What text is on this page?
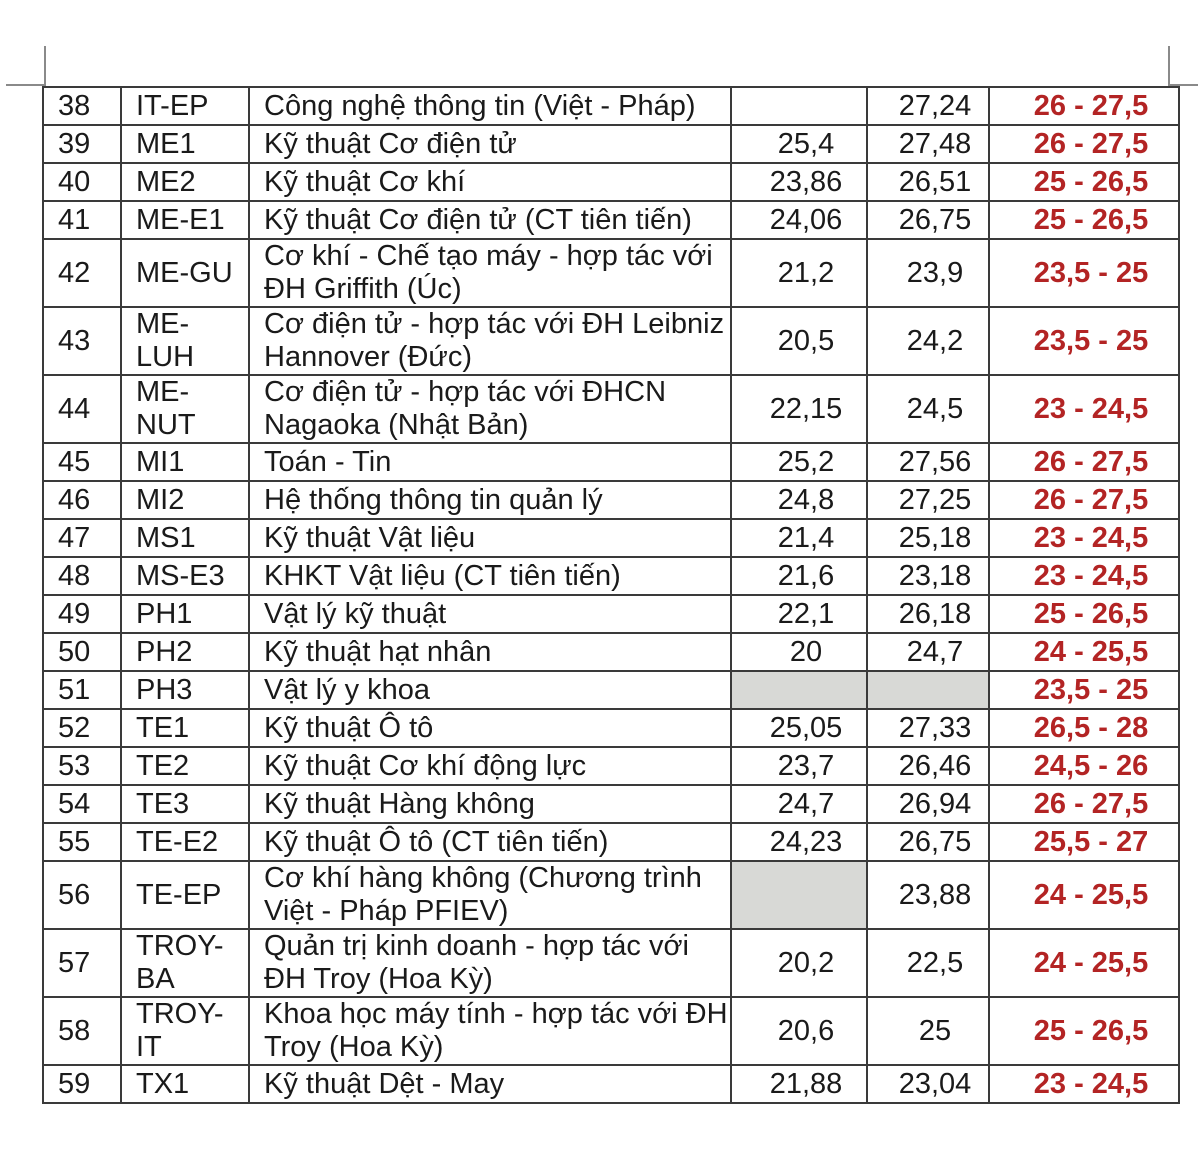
38	IT-EP	Công nghệ thông tin (Việt - Pháp)		27,24	26 - 27,5
39	ME1	Kỹ thuật Cơ điện tử	25,4	27,48	26 - 27,5
40	ME2	Kỹ thuật Cơ khí	23,86	26,51	25 - 26,5
41	ME-E1	Kỹ thuật Cơ điện tử (CT tiên tiến)	24,06	26,75	25 - 26,5
42	ME-GU	Cơ khí - Chế tạo máy - hợp tác với
ĐH Griffith (Úc)	21,2	23,9	23,5 - 25
43	ME-
LUH	Cơ điện tử - hợp tác với ĐH Leibniz
Hannover (Đức)	20,5	24,2	23,5 - 25
44	ME-
NUT	Cơ điện tử - hợp tác với ĐHCN
Nagaoka (Nhật Bản)	22,15	24,5	23 - 24,5
45	MI1	Toán - Tin	25,2	27,56	26 - 27,5
46	MI2	Hệ thống thông tin quản lý	24,8	27,25	26 - 27,5
47	MS1	Kỹ thuật Vật liệu	21,4	25,18	23 - 24,5
48	MS-E3	KHKT Vật liệu (CT tiên tiến)	21,6	23,18	23 - 24,5
49	PH1	Vật lý kỹ thuật	22,1	26,18	25 - 26,5
50	PH2	Kỹ thuật hạt nhân	20	24,7	24 - 25,5
51	PH3	Vật lý y khoa			23,5 - 25
52	TE1	Kỹ thuật Ô tô	25,05	27,33	26,5 - 28
53	TE2	Kỹ thuật Cơ khí động lực	23,7	26,46	24,5 - 26
54	TE3	Kỹ thuật Hàng không	24,7	26,94	26 - 27,5
55	TE-E2	Kỹ thuật Ô tô (CT tiên tiến)	24,23	26,75	25,5 - 27
56	TE-EP	Cơ khí hàng không (Chương trình
Việt - Pháp PFIEV)		23,88	24 - 25,5
57	TROY-
BA	Quản trị kinh doanh - hợp tác với
ĐH Troy (Hoa Kỳ)	20,2	22,5	24 - 25,5
58	TROY-
IT	Khoa học máy tính - hợp tác với ĐH
Troy (Hoa Kỳ)	20,6	25	25 - 26,5
59	TX1	Kỹ thuật Dệt - May	21,88	23,04	23 - 24,5
